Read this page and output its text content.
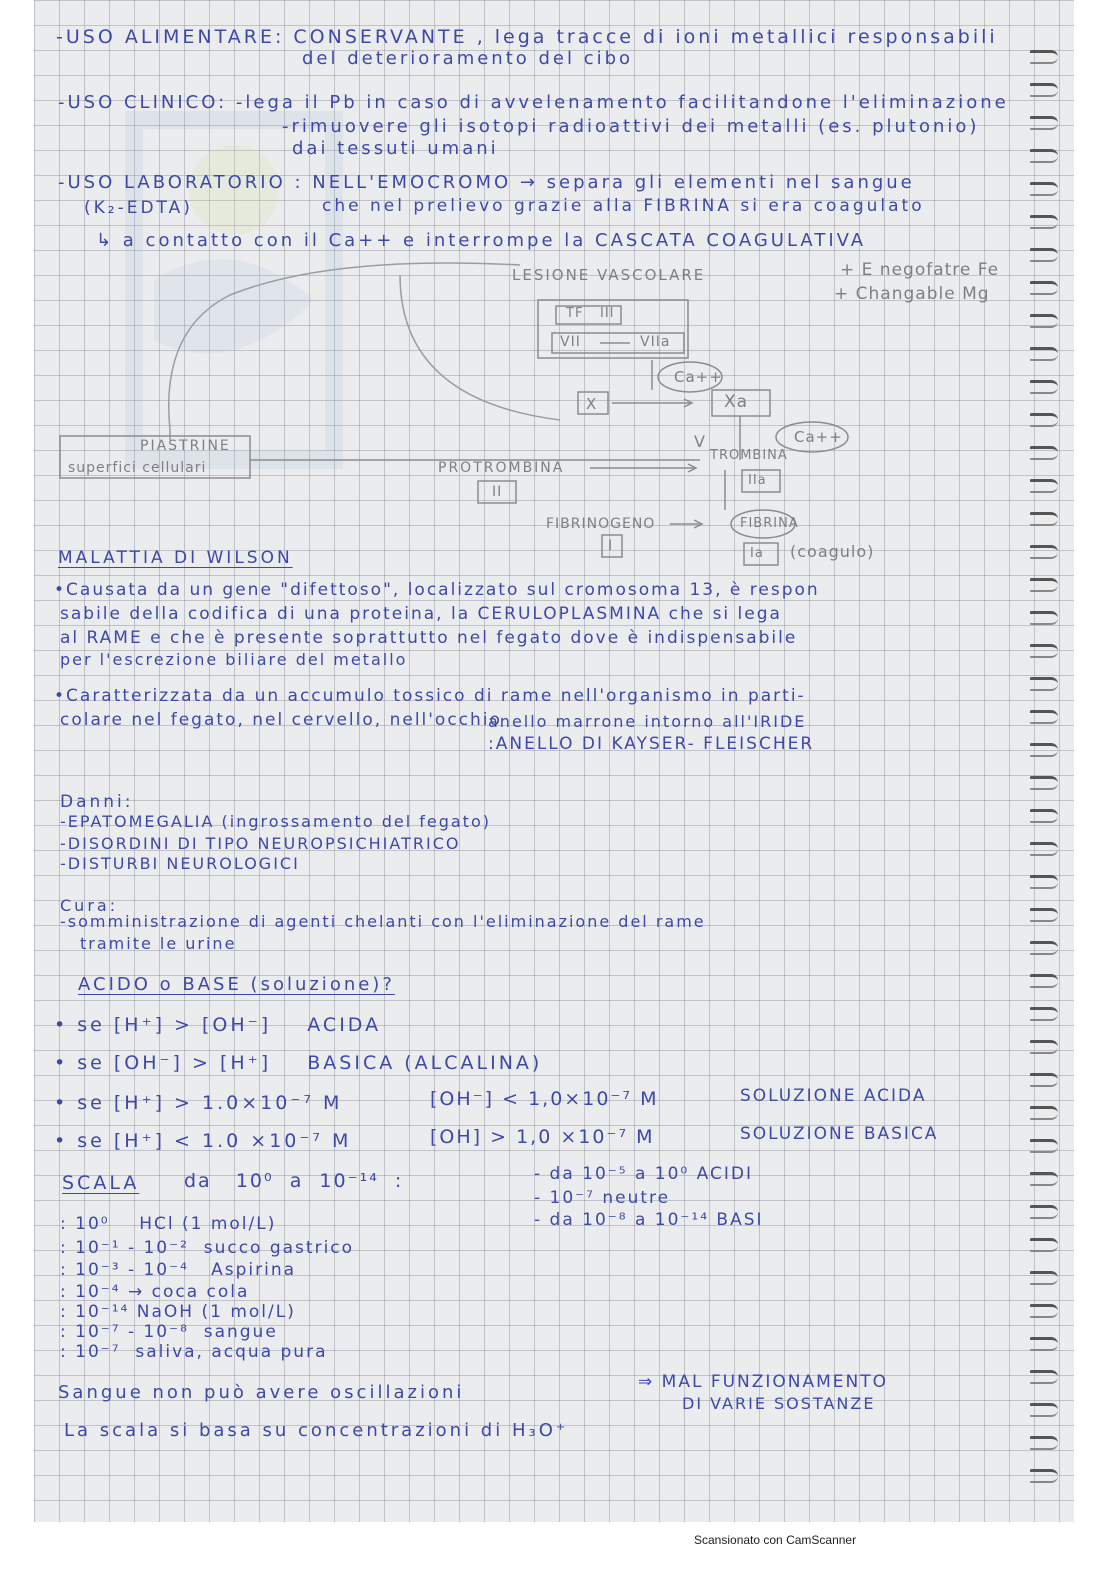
-USO ALIMENTARE: CONSERVANTE , lega tracce di ioni metallici responsabili
del deterioramento del cibo
-USO CLINICO: -lega il Pb in caso di avvelenamento facilitandone l'eliminazione
-rimuovere gli isotopi radioattivi dei metalli (es. plutonio)
dai tessuti umani
-USO LABORATORIO : NELL'EMOCROMO → separa gli elementi nel sangue
(K₂-EDTA)	che nel prelievo grazie alla FIBRINA si era coagulato
↳ a contatto con il Ca++ e interrompe la CASCATA COAGULATIVA
+ E negofatre Fe
+ Changable Mg
LESIONE VASCOLARE
TF III
VII	VIIa
Ca++
X	Xa
Ca++
PIASTRINE
superfici cellulari	PROTROMBINA
II
V
TROMBINA
IIa
FIBRINOGENO
I
FIBRINA
Ia (coagulo)
MALATTIA DI WILSON
•Causata da un gene "difettoso", localizzato sul cromosoma 13, è respon
sabile della codifica di una proteina, la CERULOPLASMINA che si lega
al RAME e che è presente soprattutto nel fegato dove è indispensabile
per l'escrezione biliare del metallo
•Caratterizzata da un accumulo tossico di rame nell'organismo in parti-
colare nel fegato, nel cervello, nell'occhio
anello marrone intorno all'IRIDE
:ANELLO DI KAYSER- FLEISCHER
Danni:
-EPATOMEGALIA (ingrossamento del fegato)
-DISORDINI DI TIPO NEUROPSICHIATRICO
-DISTURBI NEUROLOGICI
Cura:
-somministrazione di agenti chelanti con l'eliminazione del rame
tramite le urine
ACIDO o BASE (soluzione)?
• se [H⁺] > [OH⁻]    ACIDA
• se [OH⁻] > [H⁺]    BASICA (ALCALINA)
• se [H⁺] > 1.0×10⁻⁷ M	[OH⁻] < 1,0×10⁻⁷ M	SOLUZIONE ACIDA
• se [H⁺] < 1.0 ×10⁻⁷ M	[OH] > 1,0 ×10⁻⁷ M	SOLUZIONE BASICA
SCALA da   10⁰  a  10⁻¹⁴  :	- da 10⁻⁵ a 10⁰ ACIDI
- 10⁻⁷ neutre
- da 10⁻⁸ a 10⁻¹⁴ BASI
: 10⁰    HCl (1 mol/L)
: 10⁻¹ - 10⁻²  succo gastrico
: 10⁻³ - 10⁻⁴   Aspirina
: 10⁻⁴ → coca cola
: 10⁻¹⁴ NaOH (1 mol/L)
: 10⁻⁷ - 10⁻⁸  sangue
: 10⁻⁷  saliva, acqua pura
Sangue non può avere oscillazioni	⇒ MAL FUNZIONAMENTO
DI VARIE SOSTANZE
La scala si basa su concentrazioni di H₃O⁺
Scansionato con CamScanner
